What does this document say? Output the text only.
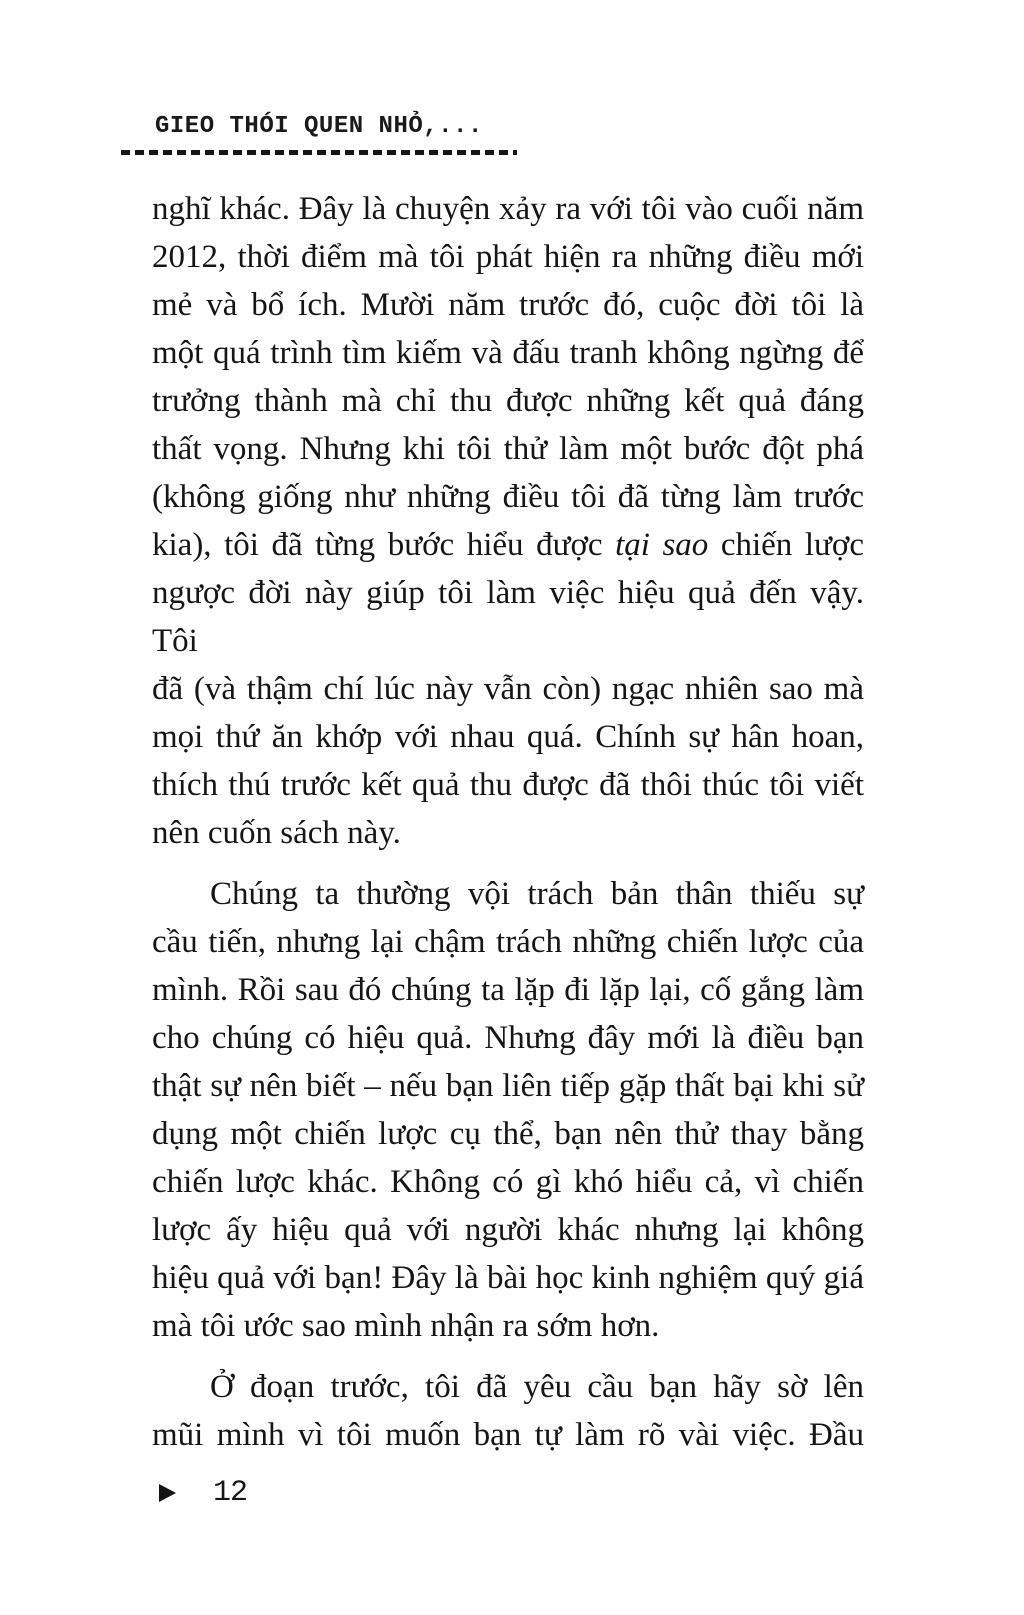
GIEO THÓI QUEN NHỎ,...
nghĩ khác. Đây là chuyện xảy ra với tôi vào cuối năm
2012, thời điểm mà tôi phát hiện ra những điều mới
mẻ và bổ ích. Mười năm trước đó, cuộc đời tôi là
một quá trình tìm kiếm và đấu tranh không ngừng để
trưởng thành mà chỉ thu được những kết quả đáng
thất vọng. Nhưng khi tôi thử làm một bước đột phá
(không giống như những điều tôi đã từng làm trước
kia), tôi đã từng bước hiểu được tại sao chiến lược
ngược đời này giúp tôi làm việc hiệu quả đến vậy. Tôi
đã (và thậm chí lúc này vẫn còn) ngạc nhiên sao mà
mọi thứ ăn khớp với nhau quá. Chính sự hân hoan,
thích thú trước kết quả thu được đã thôi thúc tôi viết
nên cuốn sách này.
Chúng ta thường vội trách bản thân thiếu sự
cầu tiến, nhưng lại chậm trách những chiến lược của
mình. Rồi sau đó chúng ta lặp đi lặp lại, cố gắng làm
cho chúng có hiệu quả. Nhưng đây mới là điều bạn
thật sự nên biết – nếu bạn liên tiếp gặp thất bại khi sử
dụng một chiến lược cụ thể, bạn nên thử thay bằng
chiến lược khác. Không có gì khó hiểu cả, vì chiến
lược ấy hiệu quả với người khác nhưng lại không
hiệu quả với bạn! Đây là bài học kinh nghiệm quý giá
mà tôi ước sao mình nhận ra sớm hơn.
Ở đoạn trước, tôi đã yêu cầu bạn hãy sờ lên
mũi mình vì tôi muốn bạn tự làm rõ vài việc. Đầu
12
